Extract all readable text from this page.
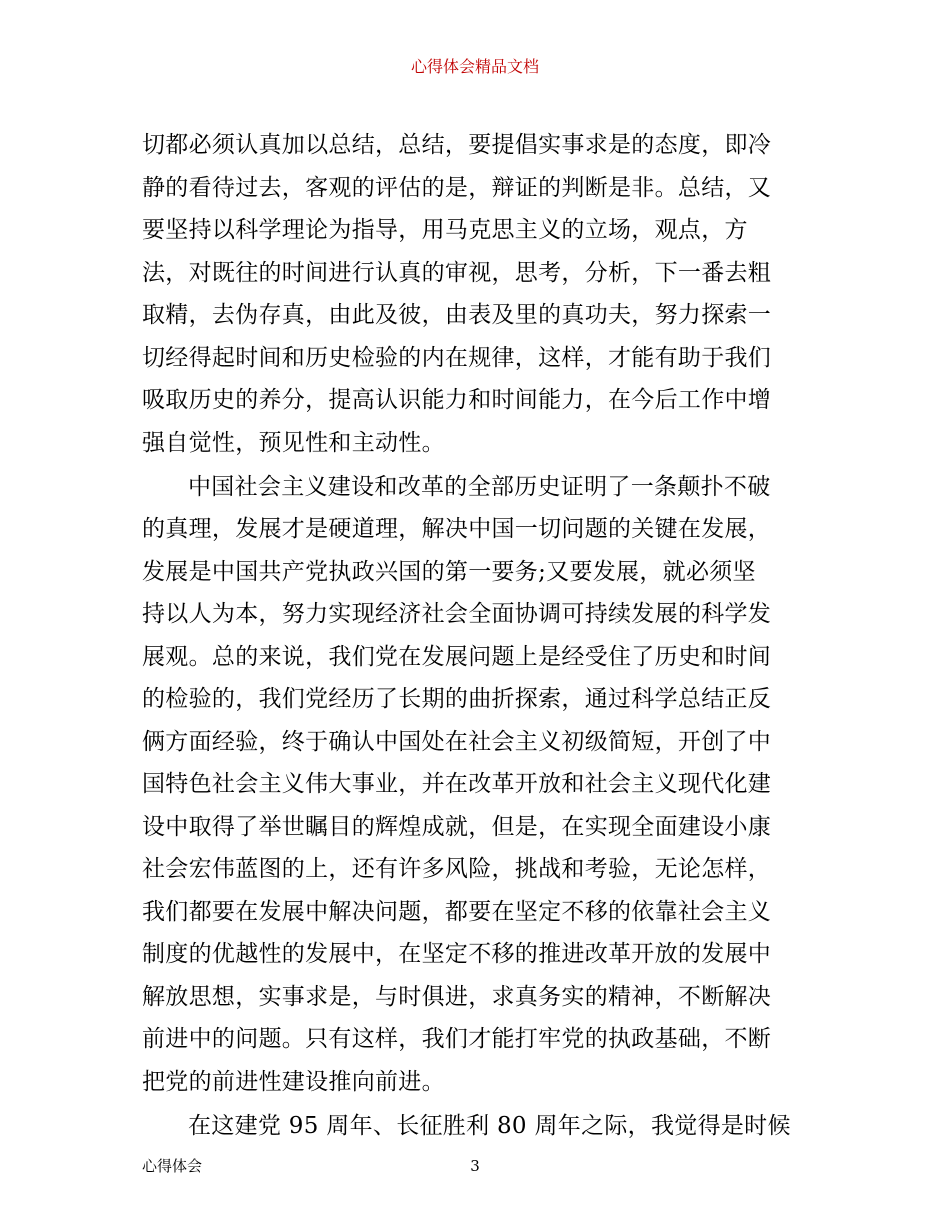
心得体会精品文档
切都必须认真加以总结，总结，要提倡实事求是的态度，即冷
静的看待过去，客观的评估的是，辩证的判断是非。总结，又
要坚持以科学理论为指导，用马克思主义的立场，观点，方
法，对既往的时间进行认真的审视，思考，分析，下一番去粗
取精，去伪存真，由此及彼，由表及里的真功夫，努力探索一
切经得起时间和历史检验的内在规律，这样，才能有助于我们
吸取历史的养分，提高认识能力和时间能力，在今后工作中增
强自觉性，预见性和主动性。
中国社会主义建设和改革的全部历史证明了一条颠扑不破
的真理，发展才是硬道理，解决中国一切问题的关键在发展，
发展是中国共产党执政兴国的第一要务;又要发展，就必须坚
持以人为本，努力实现经济社会全面协调可持续发展的科学发
展观。总的来说，我们党在发展问题上是经受住了历史和时间
的检验的，我们党经历了长期的曲折探索，通过科学总结正反
俩方面经验，终于确认中国处在社会主义初级简短，开创了中
国特色社会主义伟大事业，并在改革开放和社会主义现代化建
设中取得了举世瞩目的辉煌成就，但是，在实现全面建设小康
社会宏伟蓝图的上，还有许多风险，挑战和考验，无论怎样，
我们都要在发展中解决问题，都要在坚定不移的依靠社会主义
制度的优越性的发展中，在坚定不移的推进改革开放的发展中
解放思想，实事求是，与时俱进，求真务实的精神，不断解决
前进中的问题。只有这样，我们才能打牢党的执政基础，不断
把党的前进性建设推向前进。
在这建党 95 周年、长征胜利 80 周年之际，我觉得是时候
心得体会	3
